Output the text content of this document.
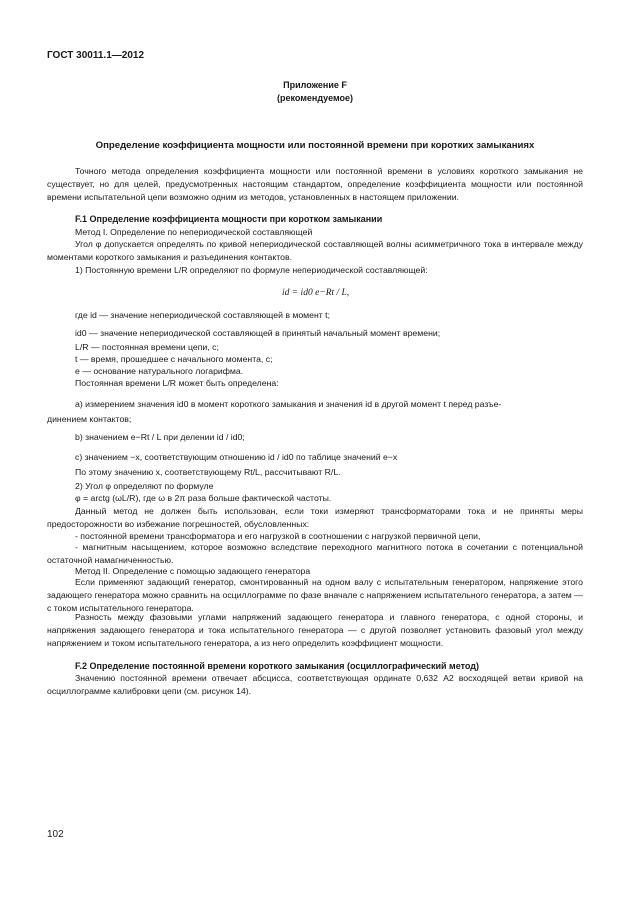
ГОСТ 30011.1—2012
Приложение F
(рекомендуемое)
Определение коэффициента мощности или постоянной времени при коротких замыканиях
Точного метода определения коэффициента мощности или постоянной времени в условиях короткого замыкания не существует, но для целей, предусмотренных настоящим стандартом, определение коэффициента мощности или постоянной времени испытательной цепи возможно одним из методов, установленных в настоящем приложении.
F.1 Определение коэффициента мощности при коротком замыкании
Метод I. Определение по непериодической составляющей
Угол φ допускается определять по кривой непериодической составляющей волны асимметричного тока в интервале между моментами короткого замыкания и разъединения контактов.
1) Постоянную времени L/R определяют по формуле непериодической составляющей:
id = id0 e−Rt / L,
где id — значение непериодической составляющей в момент t;
id0 — значение непериодической составляющей в принятый начальный момент времени;
L/R — постоянная времени цепи, с;
t — время, прошедшее с начального момента, с;
e — основание натурального логарифма.
Постоянная времени L/R может быть определена:
a) измерением значения id0 в момент короткого замыкания и значения id в другой момент t перед разъе-
динением контактов;
b) значением e−Rt / L при делении id / id0;
c) значением −x, соответствующим отношению id / id0 по таблице значений e−x
По этому значению x, соответствующему Rt/L, рассчитывают R/L.
2) Угол φ определяют по формуле
φ = arctg (ωL/R), где ω в 2π раза больше фактической частоты.
Данный метод не должен быть использован, если токи измеряют трансформаторами тока и не приняты меры предосторожности во избежание погрешностей, обусловленных:
- постоянной времени трансформатора и его нагрузкой в соотношении с нагрузкой первичной цепи,
- магнитным насыщением, которое возможно вследствие переходного магнитного потока в сочетании с потенциальной остаточной намагниченностью.
Метод II. Определение с помощью задающего генератора
Если применяют задающий генератор, смонтированный на одном валу с испытательным генератором, напряжение этого задающего генератора можно сравнить на осциллограмме по фазе вначале с напряжением испытательного генератора, а затем — с током испытательного генератора.
Разность между фазовыми углами напряжений задающего генератора и главного генератора, с одной стороны, и напряжения задающего генератора и тока испытательного генератора — с другой позволяет установить фазовый угол между напряжением и током испытательного генератора, а из него определить коэффициент мощности.
F.2 Определение постоянной времени короткого замыкания (осциллографический метод)
Значению постоянной времени отвечает абсцисса, соответствующая ординате 0,632 A2 восходящей ветви кривой на осциллограмме калибровки цепи (см. рисунок 14).
102
